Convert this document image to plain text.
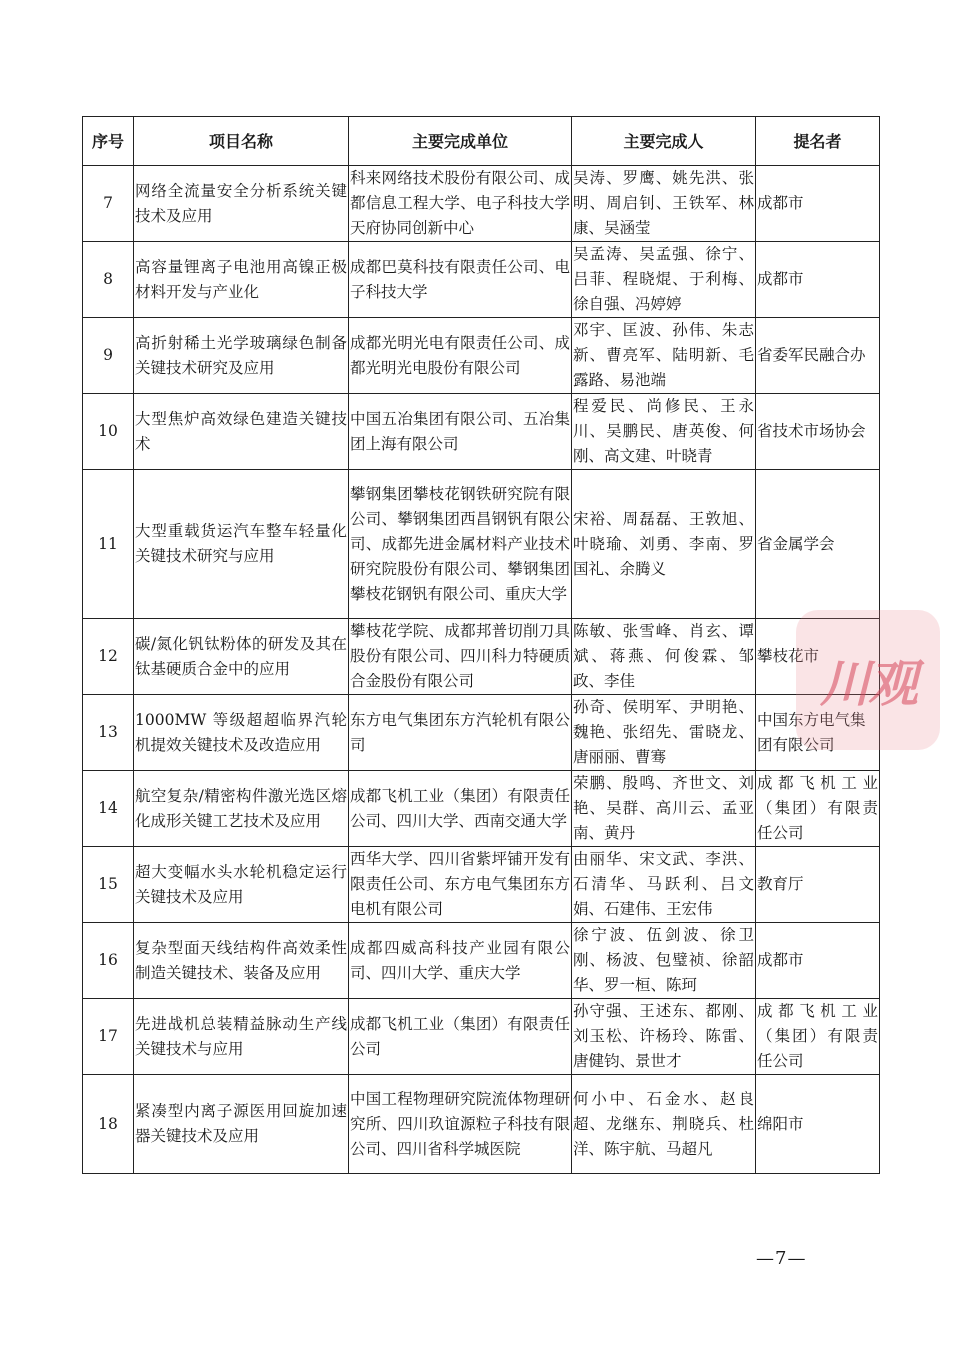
序号	项目名称	主要完成单位	主要完成人	提名者
7	网络全流量安全分析系统关键技术及应用	科来网络技术股份有限公司、成都信息工程大学、电子科技大学天府协同创新中心	吴涛、罗鹰、姚先洪、张明、周启钊、王铁军、林康、吴涵莹	成都市
8	高容量锂离子电池用高镍正极材料开发与产业化	成都巴莫科技有限责任公司、电子科技大学	吴孟涛、吴孟强、徐宁、吕菲、程晓焜、于利梅、徐自强、冯婷婷	成都市
9	高折射稀土光学玻璃绿色制备关键技术研究及应用	成都光明光电有限责任公司、成都光明光电股份有限公司	邓宇、匡波、孙伟、朱志新、曹亮军、陆明新、毛露路、易池端	省委军民融合办
10	大型焦炉高效绿色建造关键技术	中国五冶集团有限公司、五冶集团上海有限公司	程爱民、尚修民、王永川、吴鹏民、唐英俊、何刚、高文建、叶晓青	省技术市场协会
11	大型重载货运汽车整车轻量化关键技术研究与应用	攀钢集团攀枝花钢铁研究院有限公司、攀钢集团西昌钢钒有限公司、成都先进金属材料产业技术研究院股份有限公司、攀钢集团攀枝花钢钒有限公司、重庆大学	宋裕、周磊磊、王敦旭、叶晓瑜、刘勇、李南、罗国礼、余腾义	省金属学会
12	碳/氮化钒钛粉体的研发及其在钛基硬质合金中的应用	攀枝花学院、成都邦普切削刀具股份有限公司、四川科力特硬质合金股份有限公司	陈敏、张雪峰、肖玄、谭斌、蒋燕、何俊霖、邹政、李佳	攀枝花市
13	1000MW 等级超超临界汽轮机提效关键技术及改造应用	东方电气集团东方汽轮机有限公司	孙奇、侯明军、尹明艳、魏艳、张绍先、雷晓龙、唐丽丽、曹骞	中国东方电气集团有限公司
14	航空复杂/精密构件激光选区熔化成形关键工艺技术及应用	成都飞机工业（集团）有限责任公司、四川大学、西南交通大学	荣鹏、殷鸣、齐世文、刘艳、吴群、高川云、孟亚南、黄丹	成都飞机工业（集团）有限责任公司
15	超大变幅水头水轮机稳定运行关键技术及应用	西华大学、四川省紫坪铺开发有限责任公司、东方电气集团东方电机有限公司	由丽华、宋文武、李洪、石清华、马跃利、吕文娟、石建伟、王宏伟	教育厅
16	复杂型面天线结构件高效柔性制造关键技术、装备及应用	成都四威高科技产业园有限公司、四川大学、重庆大学	徐宁波、伍剑波、徐卫刚、杨波、包璧祯、徐韶华、罗一桓、陈珂	成都市
17	先进战机总装精益脉动生产线关键技术与应用	成都飞机工业（集团）有限责任公司	孙守强、王述东、都刚、刘玉松、许杨玲、陈雷、唐健钧、景世才	成都飞机工业（集团）有限责任公司
18	紧凑型内离子源医用回旋加速器关键技术及应用	中国工程物理研究院流体物理研究所、四川玖谊源粒子科技有限公司、四川省科学城医院	何小中、石金水、赵良超、龙继东、荆晓兵、杜洋、陈宇航、马超凡	绵阳市
川观
—7—
